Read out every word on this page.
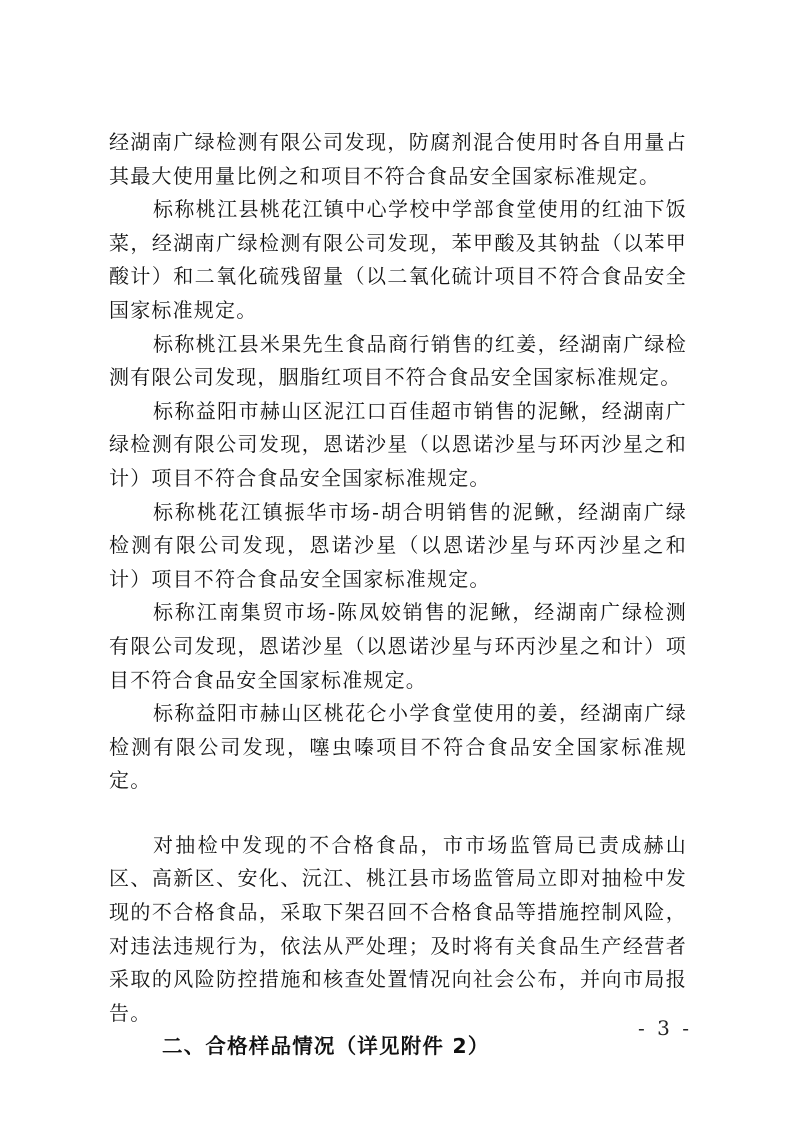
经湖南广绿检测有限公司发现，防腐剂混合使用时各自用量占其最大使用量比例之和项目不符合食品安全国家标准规定。

标称桃江县桃花江镇中心学校中学部食堂使用的红油下饭菜，经湖南广绿检测有限公司发现，苯甲酸及其钠盐（以苯甲酸计）和二氧化硫残留量（以二氧化硫计项目不符合食品安全国家标准规定。

标称桃江县米果先生食品商行销售的红姜，经湖南广绿检测有限公司发现，胭脂红项目不符合食品安全国家标准规定。

标称益阳市赫山区泥江口百佳超市销售的泥鳅，经湖南广绿检测有限公司发现，恩诺沙星（以恩诺沙星与环丙沙星之和计）项目不符合食品安全国家标准规定。

标称桃花江镇振华市场-胡合明销售的泥鳅，经湖南广绿检测有限公司发现，恩诺沙星（以恩诺沙星与环丙沙星之和计）项目不符合食品安全国家标准规定。

标称江南集贸市场-陈凤姣销售的泥鳅，经湖南广绿检测有限公司发现，恩诺沙星（以恩诺沙星与环丙沙星之和计）项目不符合食品安全国家标准规定。

标称益阳市赫山区桃花仑小学食堂使用的姜，经湖南广绿检测有限公司发现，噻虫嗪项目不符合食品安全国家标准规定。

对抽检中发现的不合格食品，市市场监管局已责成赫山区、高新区、安化、沅江、桃江县市场监管局立即对抽检中发现的不合格食品，采取下架召回不合格食品等措施控制风险，对违法违规行为，依法从严处理；及时将有关食品生产经营者采取的风险防控措施和核查处置情况向社会公布，并向市局报告。

二、合格样品情况（详见附件 2）

- 3 -
